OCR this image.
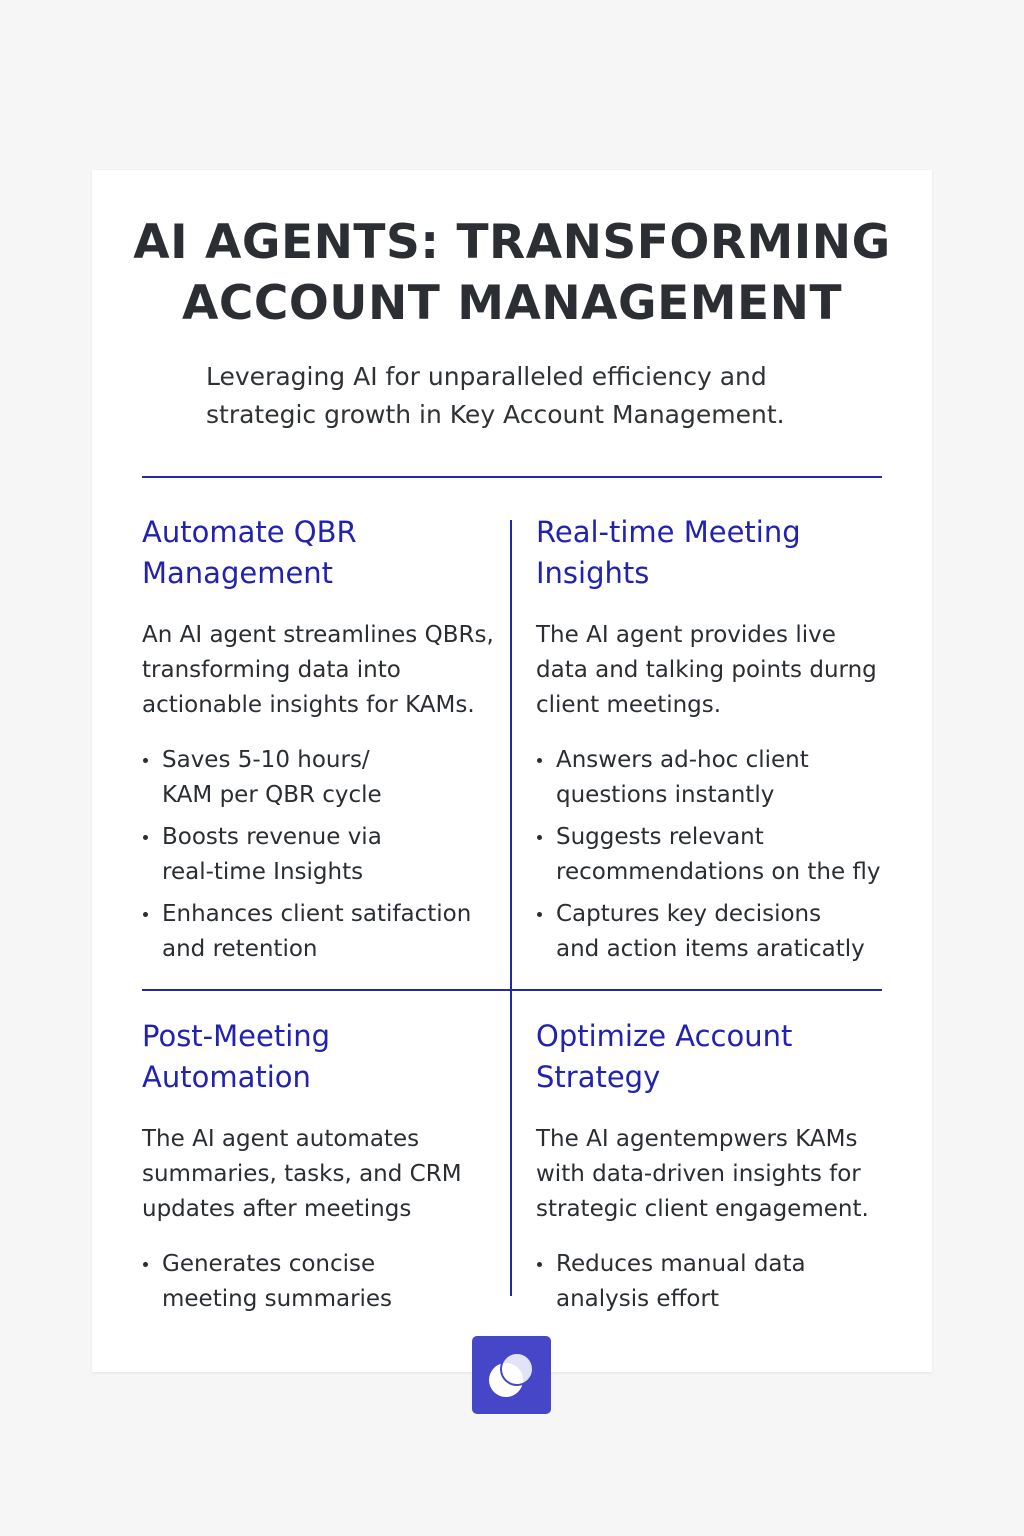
AI AGENTS: TRANSFORMING
ACCOUNT MANAGEMENT

Leveraging AI for unparalleled efficiency and
strategic growth in Key Account Management.

Automate QBR
Management

An AI agent streamlines QBRs,
transforming data into
actionable insights for KAMs.

Saves 5-10 hours/
KAM per QBR cycle
Boosts revenue via
real-time Insights
Enhances client satifaction
and retention
Real-time Meeting
Insights

The AI agent provides live
data and talking points durng
client meetings.

Answers ad-hoc client
questions instantly
Suggests relevant
recommendations on the fly
Captures key decisions
and action items araticatly
Post-Meeting
Automation

The AI agent automates
summaries, tasks, and CRM
updates after meetings

Generates concise
meeting summaries
Optimize Account
Strategy

The AI agentempwers KAMs
with data-driven insights for
strategic client engagement.

Reduces manual data
analysis effort
